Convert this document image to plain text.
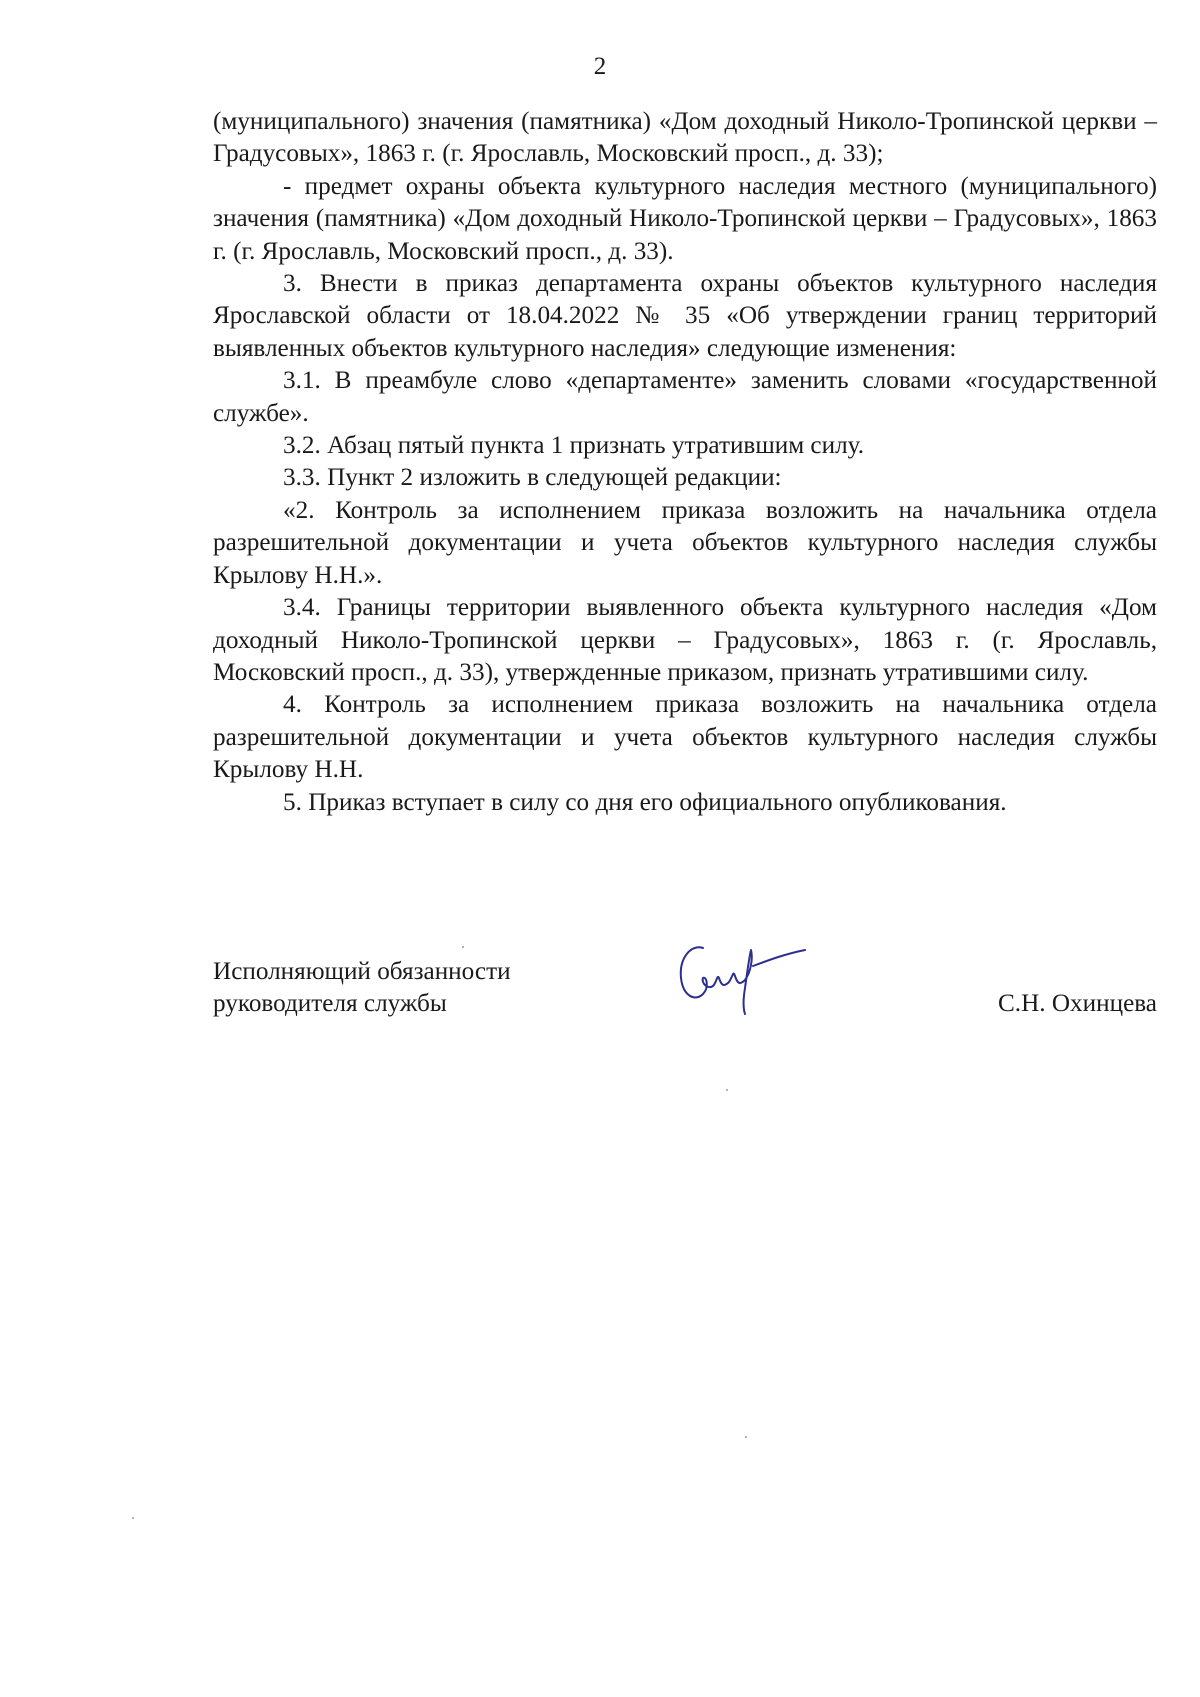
2

(муниципального) значения (памятника) «Дом доходный Николо-Тропинской церкви – Градусовых», 1863 г. (г. Ярославль, Московский просп., д. 33);

- предмет охраны объекта культурного наследия местного (муниципального) значения (памятника) «Дом доходный Николо-Тропинской церкви – Градусовых», 1863 г. (г. Ярославль, Московский просп., д. 33).

3. Внести в приказ департамента охраны объектов культурного наследия Ярославской области от 18.04.2022 № 35 «Об утверждении границ территорий выявленных объектов культурного наследия» следующие изменения:

3.1. В преамбуле слово «департаменте» заменить словами «государственной службе».

3.2. Абзац пятый пункта 1 признать утратившим силу.

3.3. Пункт 2 изложить в следующей редакции:

«2. Контроль за исполнением приказа возложить на начальника отдела разрешительной документации и учета объектов культурного наследия службы Крылову Н.Н.».

3.4. Границы территории выявленного объекта культурного наследия «Дом доходный Николо-Тропинской церкви – Градусовых», 1863 г. (г. Ярославль, Московский просп., д. 33), утвержденные приказом, признать утратившими силу.

4. Контроль за исполнением приказа возложить на начальника отдела разрешительной документации и учета объектов культурного наследия службы Крылову Н.Н.

5. Приказ вступает в силу со дня его официального опубликования.

Исполняющий обязанности
руководителя службы	С.Н. Охинцева
